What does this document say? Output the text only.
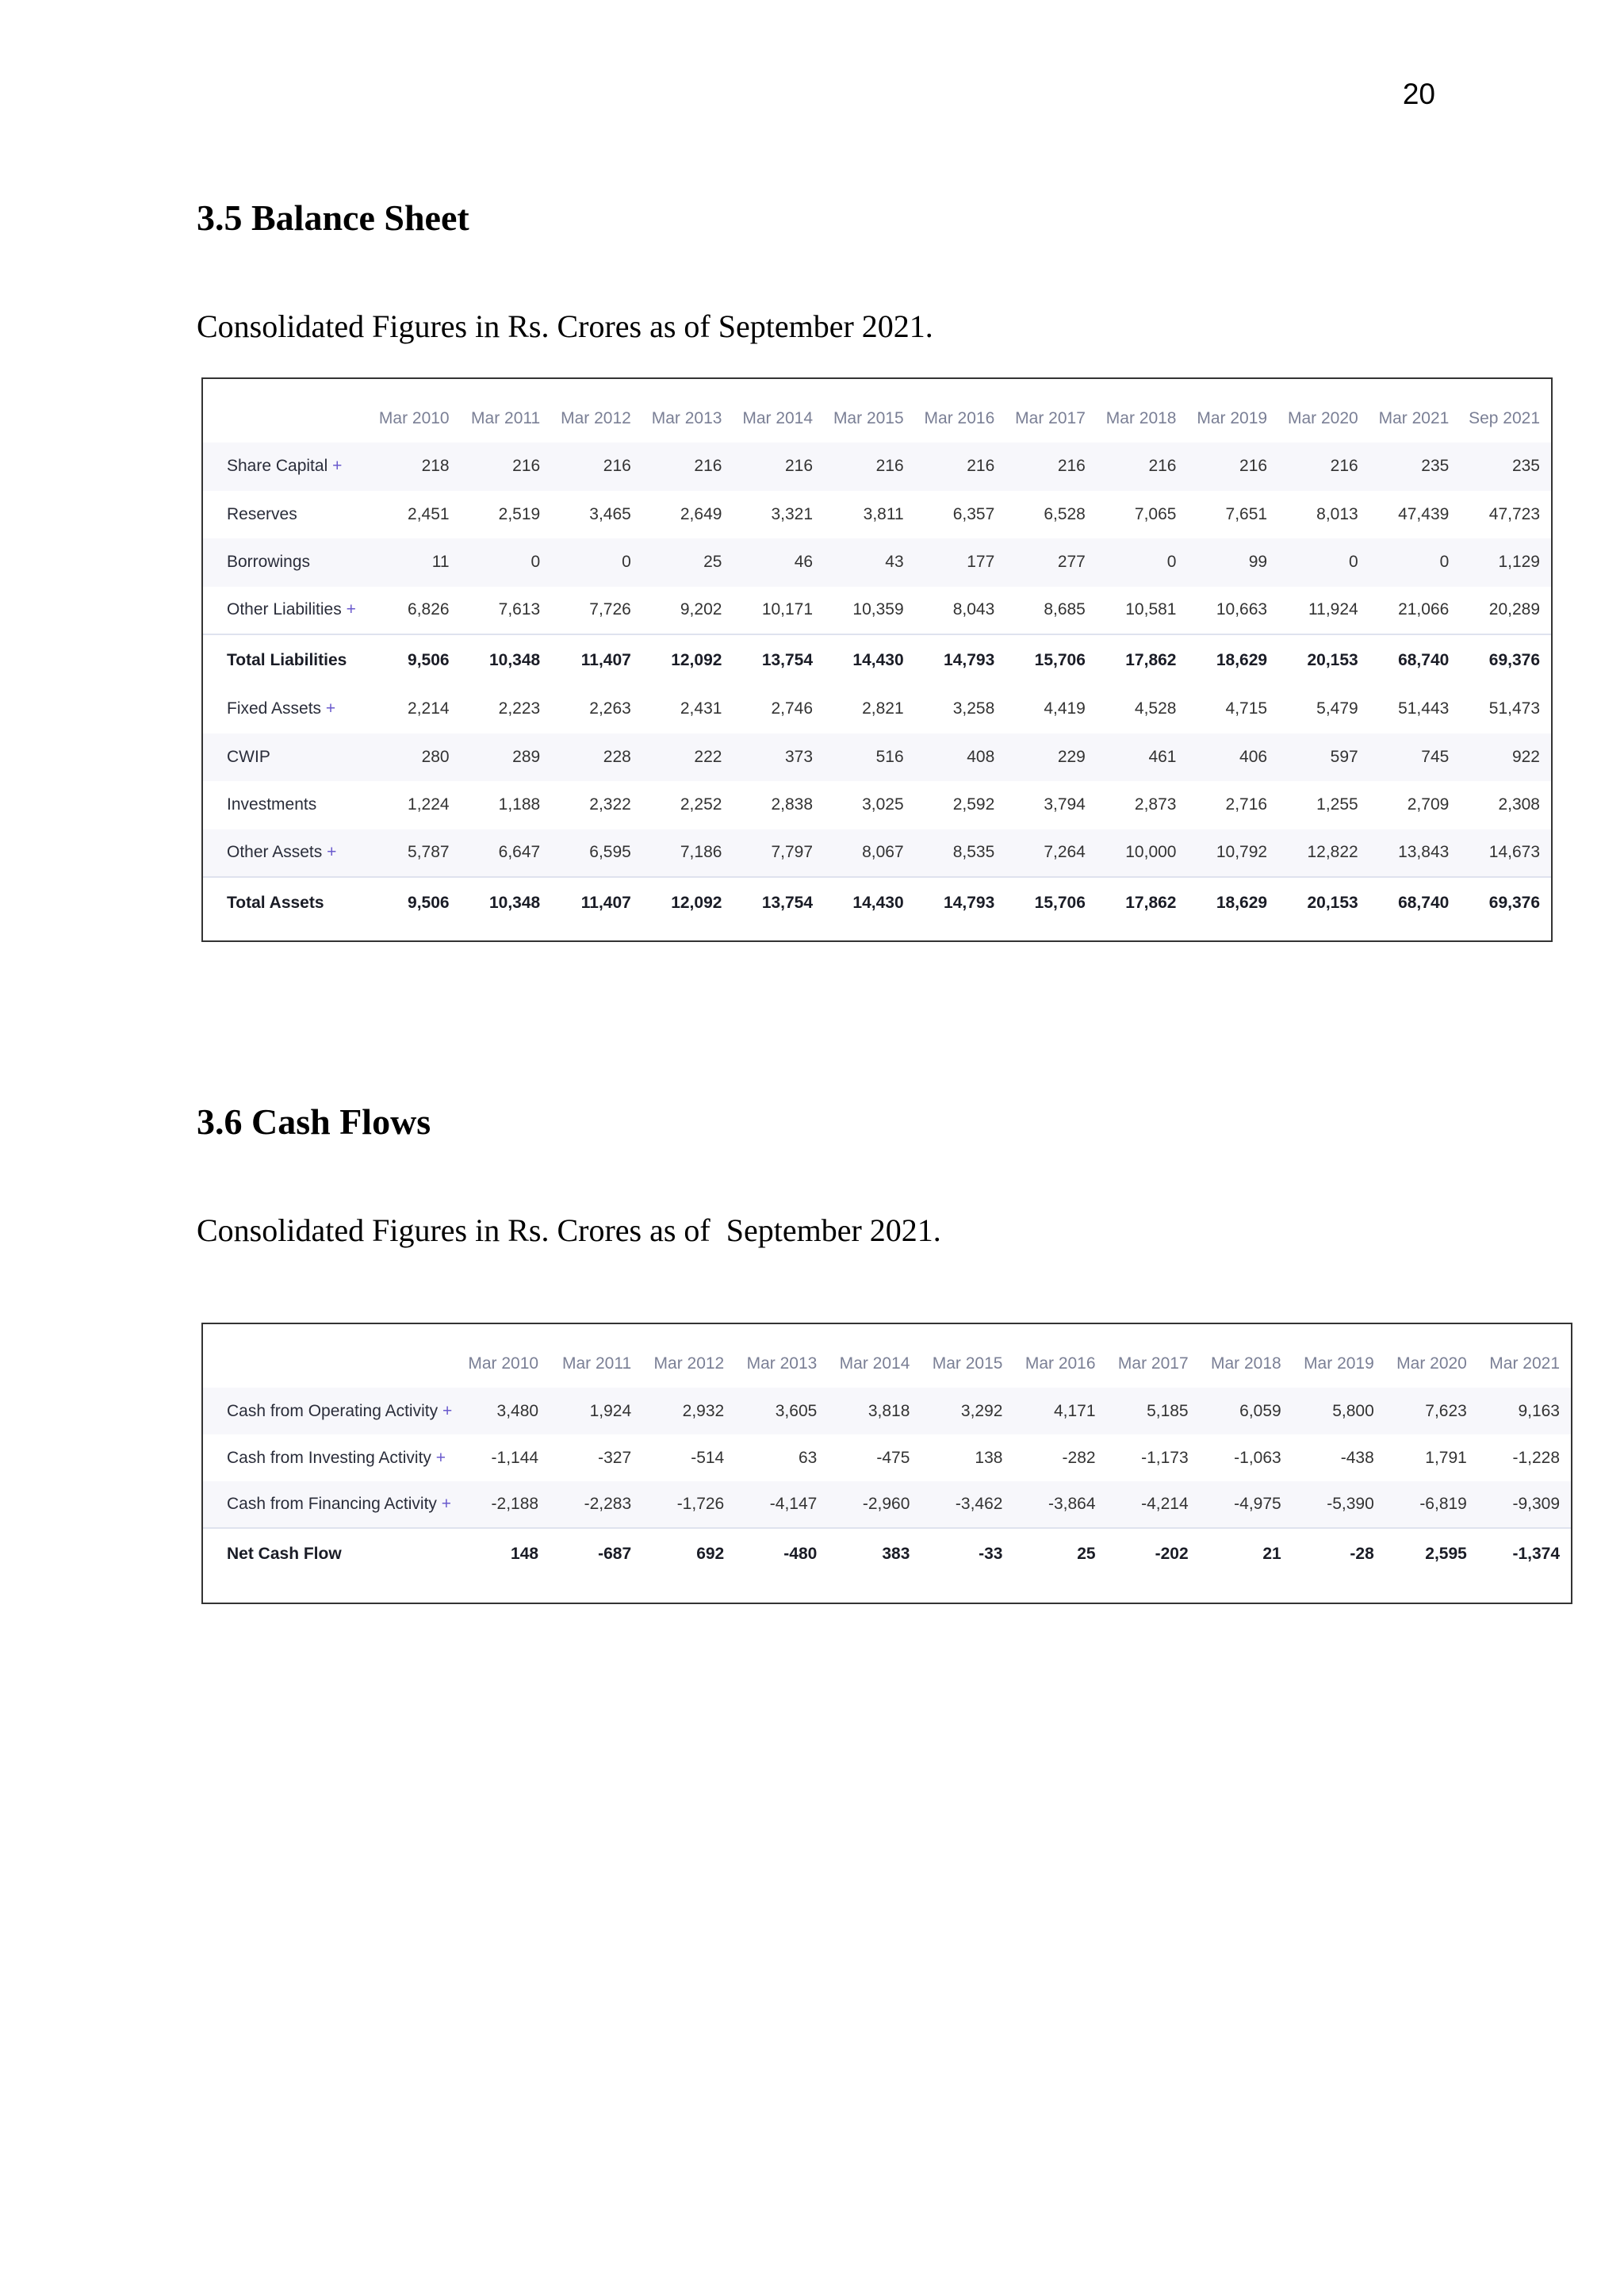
20
3.5 Balance Sheet

Consolidated Figures in Rs. Crores as of September 2021.

	Mar 2010	Mar 2011	Mar 2012	Mar 2013	Mar 2014	Mar 2015	Mar 2016	Mar 2017	Mar 2018	Mar 2019	Mar 2020	Mar 2021	Sep 2021
Share Capital +	218	216	216	216	216	216	216	216	216	216	216	235	235
Reserves	2,451	2,519	3,465	2,649	3,321	3,811	6,357	6,528	7,065	7,651	8,013	47,439	47,723
Borrowings	11	0	0	25	46	43	177	277	0	99	0	0	1,129
Other Liabilities +	6,826	7,613	7,726	9,202	10,171	10,359	8,043	8,685	10,581	10,663	11,924	21,066	20,289
Total Liabilities	9,506	10,348	11,407	12,092	13,754	14,430	14,793	15,706	17,862	18,629	20,153	68,740	69,376
Fixed Assets +	2,214	2,223	2,263	2,431	2,746	2,821	3,258	4,419	4,528	4,715	5,479	51,443	51,473
CWIP	280	289	228	222	373	516	408	229	461	406	597	745	922
Investments	1,224	1,188	2,322	2,252	2,838	3,025	2,592	3,794	2,873	2,716	1,255	2,709	2,308
Other Assets +	5,787	6,647	6,595	7,186	7,797	8,067	8,535	7,264	10,000	10,792	12,822	13,843	14,673
Total Assets	9,506	10,348	11,407	12,092	13,754	14,430	14,793	15,706	17,862	18,629	20,153	68,740	69,376
3.6 Cash Flows

Consolidated Figures in Rs. Crores as of  September 2021.

	Mar 2010	Mar 2011	Mar 2012	Mar 2013	Mar 2014	Mar 2015	Mar 2016	Mar 2017	Mar 2018	Mar 2019	Mar 2020	Mar 2021
Cash from Operating Activity +	3,480	1,924	2,932	3,605	3,818	3,292	4,171	5,185	6,059	5,800	7,623	9,163
Cash from Investing Activity +	-1,144	-327	-514	63	-475	138	-282	-1,173	-1,063	-438	1,791	-1,228
Cash from Financing Activity +	-2,188	-2,283	-1,726	-4,147	-2,960	-3,462	-3,864	-4,214	-4,975	-5,390	-6,819	-9,309
Net Cash Flow	148	-687	692	-480	383	-33	25	-202	21	-28	2,595	-1,374
